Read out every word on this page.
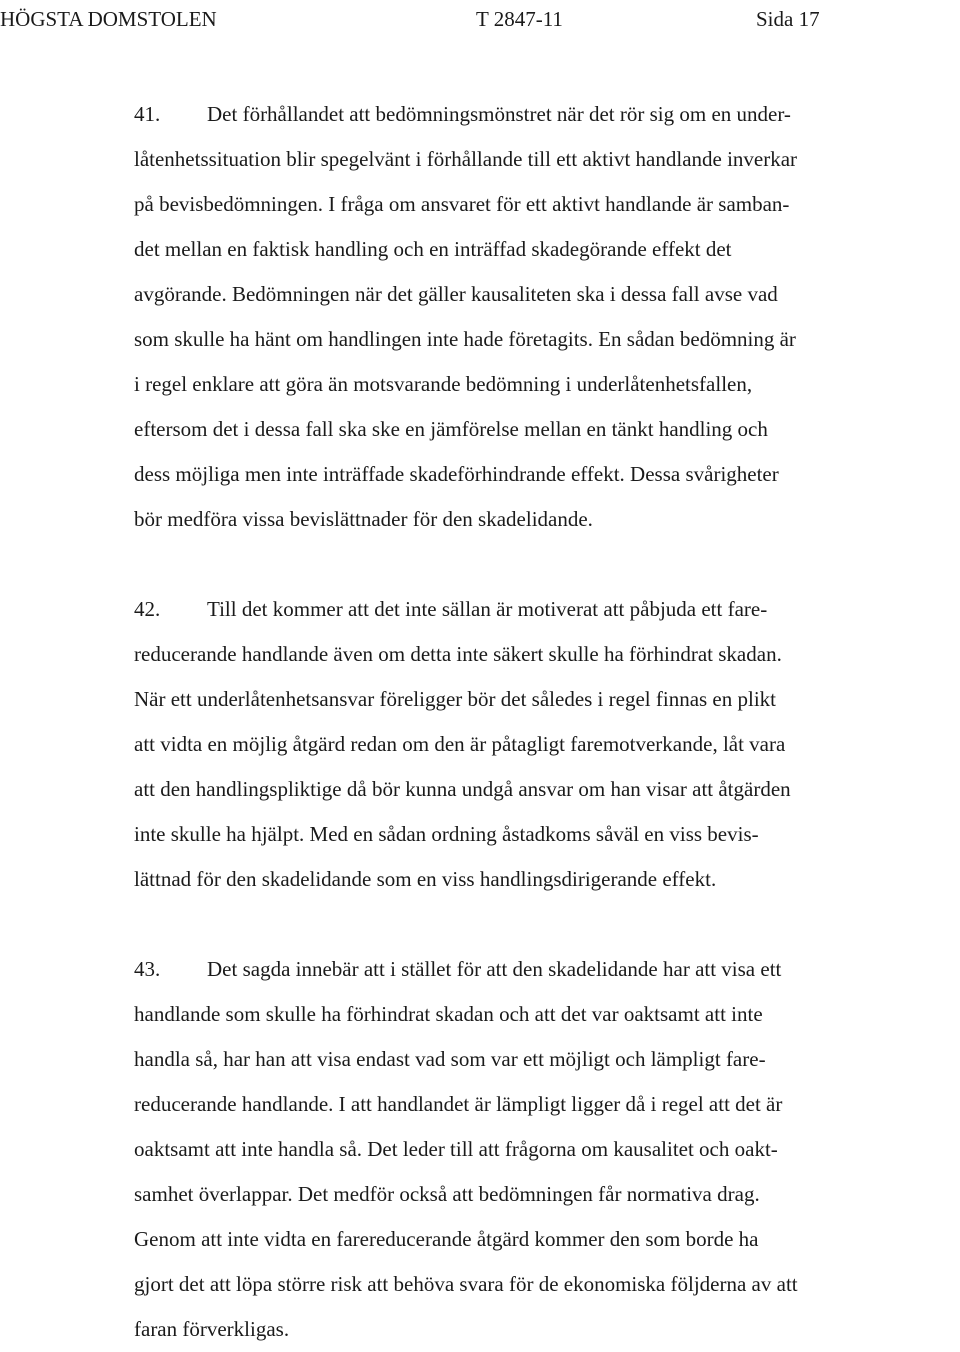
HÖGSTA DOMSTOLEN	T 2847-11	Sida 17
41. Det förhållandet att bedömningsmönstret när det rör sig om en under-
låtenhetssituation blir spegelvänt i förhållande till ett aktivt handlande inverkar
på bevisbedömningen. I fråga om ansvaret för ett aktivt handlande är samban-
det mellan en faktisk handling och en inträffad skadegörande effekt det
avgörande. Bedömningen när det gäller kausaliteten ska i dessa fall avse vad
som skulle ha hänt om handlingen inte hade företagits. En sådan bedömning är
i regel enklare att göra än motsvarande bedömning i underlåtenhetsfallen,
eftersom det i dessa fall ska ske en jämförelse mellan en tänkt handling och
dess möjliga men inte inträffade skadeförhindrande effekt. Dessa svårigheter
bör medföra vissa bevislättnader för den skadelidande.
42. Till det kommer att det inte sällan är motiverat att påbjuda ett fare-
reducerande handlande även om detta inte säkert skulle ha förhindrat skadan.
När ett underlåtenhetsansvar föreligger bör det således i regel finnas en plikt
att vidta en möjlig åtgärd redan om den är påtagligt faremotverkande, låt vara
att den handlingspliktige då bör kunna undgå ansvar om han visar att åtgärden
inte skulle ha hjälpt. Med en sådan ordning åstadkoms såväl en viss bevis-
lättnad för den skadelidande som en viss handlingsdirigerande effekt.
43. Det sagda innebär att i stället för att den skadelidande har att visa ett
handlande som skulle ha förhindrat skadan och att det var oaktsamt att inte
handla så, har han att visa endast vad som var ett möjligt och lämpligt fare-
reducerande handlande. I att handlandet är lämpligt ligger då i regel att det är
oaktsamt att inte handla så. Det leder till att frågorna om kausalitet och oakt-
samhet överlappar. Det medför också att bedömningen får normativa drag.
Genom att inte vidta en farereducerande åtgärd kommer den som borde ha
gjort det att löpa större risk att behöva svara för de ekonomiska följderna av att
faran förverkligas.
